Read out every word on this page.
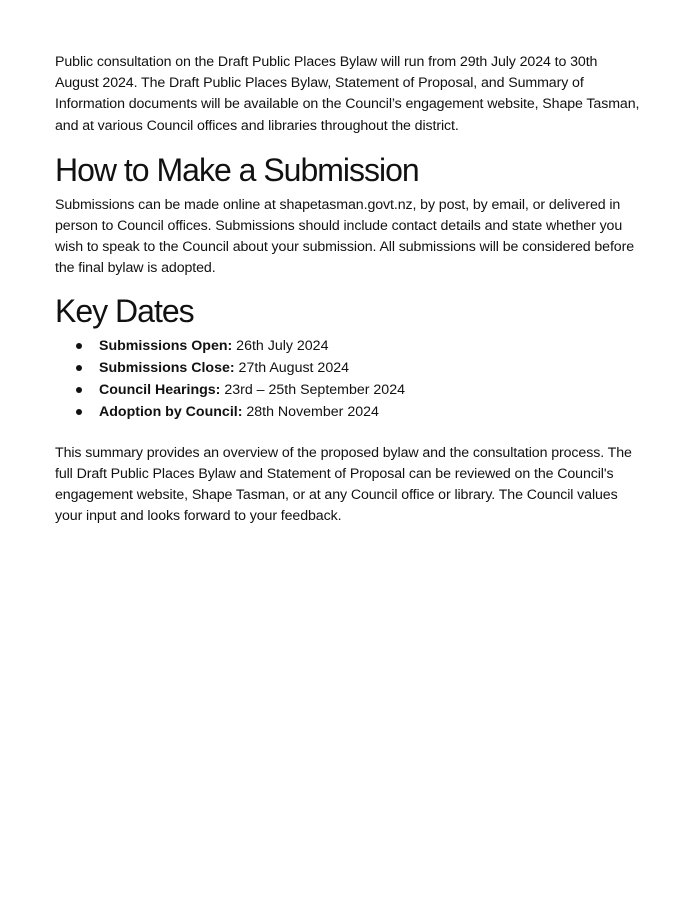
Public consultation on the Draft Public Places Bylaw will run from 29th July 2024 to 30th August 2024. The Draft Public Places Bylaw, Statement of Proposal, and Summary of Information documents will be available on the Council’s engagement website, Shape Tasman, and at various Council offices and libraries throughout the district.

How to Make a Submission

Submissions can be made online at shapetasman.govt.nz, by post, by email, or delivered in person to Council offices. Submissions should include contact details and state whether you wish to speak to the Council about your submission. All submissions will be considered before the final bylaw is adopted.

Key Dates
Submissions Open: 26th July 2024
Submissions Close: 27th August 2024
Council Hearings: 23rd – 25th September 2024
Adoption by Council: 28th November 2024

This summary provides an overview of the proposed bylaw and the consultation process. The full Draft Public Places Bylaw and Statement of Proposal can be reviewed on the Council's engagement website, Shape Tasman, or at any Council office or library. The Council values your input and looks forward to your feedback.
